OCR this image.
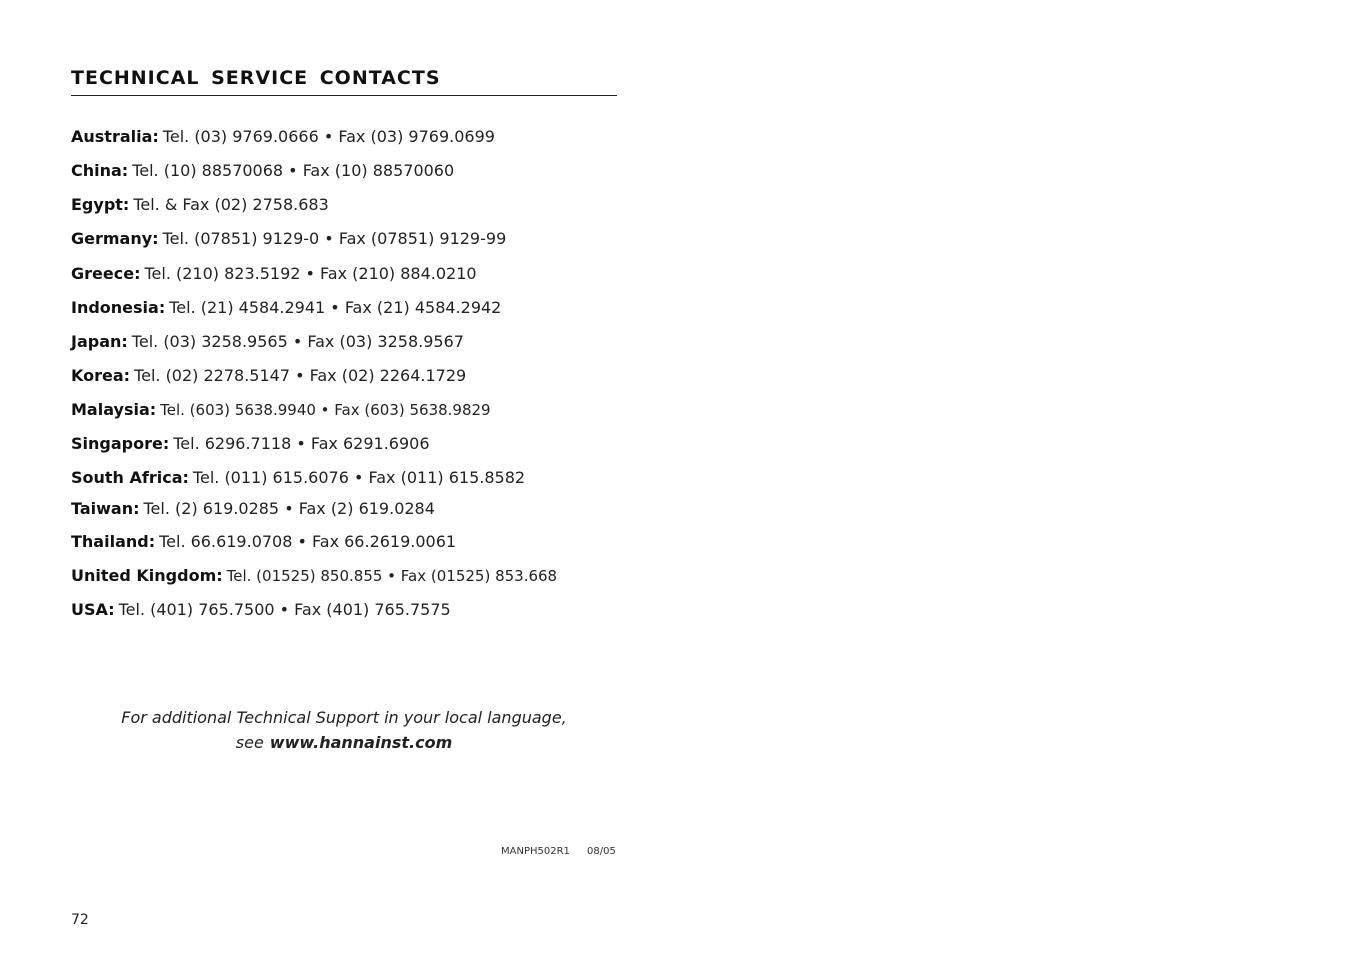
TECHNICAL SERVICE CONTACTS
Australia: Tel. (03) 9769.0666 • Fax (03) 9769.0699
China: Tel. (10) 88570068 • Fax (10) 88570060
Egypt: Tel. & Fax (02) 2758.683
Germany: Tel. (07851) 9129-0 • Fax (07851) 9129-99
Greece: Tel. (210) 823.5192 • Fax (210) 884.0210
Indonesia: Tel. (21) 4584.2941 • Fax (21) 4584.2942
Japan: Tel. (03) 3258.9565 • Fax (03) 3258.9567
Korea: Tel. (02) 2278.5147 • Fax (02) 2264.1729
Malaysia: Tel. (603) 5638.9940 • Fax (603) 5638.9829
Singapore: Tel. 6296.7118 • Fax 6291.6906
South Africa: Tel. (011) 615.6076 • Fax (011) 615.8582
Taiwan: Tel. (2) 619.0285 • Fax (2) 619.0284
Thailand: Tel. 66.619.0708 • Fax 66.2619.0061
United Kingdom: Tel. (01525) 850.855 • Fax (01525) 853.668
USA: Tel. (401) 765.7500 • Fax (401) 765.7575
For additional Technical Support in your local language,
see www.hannainst.com
MANPH502R1 08/05
72
